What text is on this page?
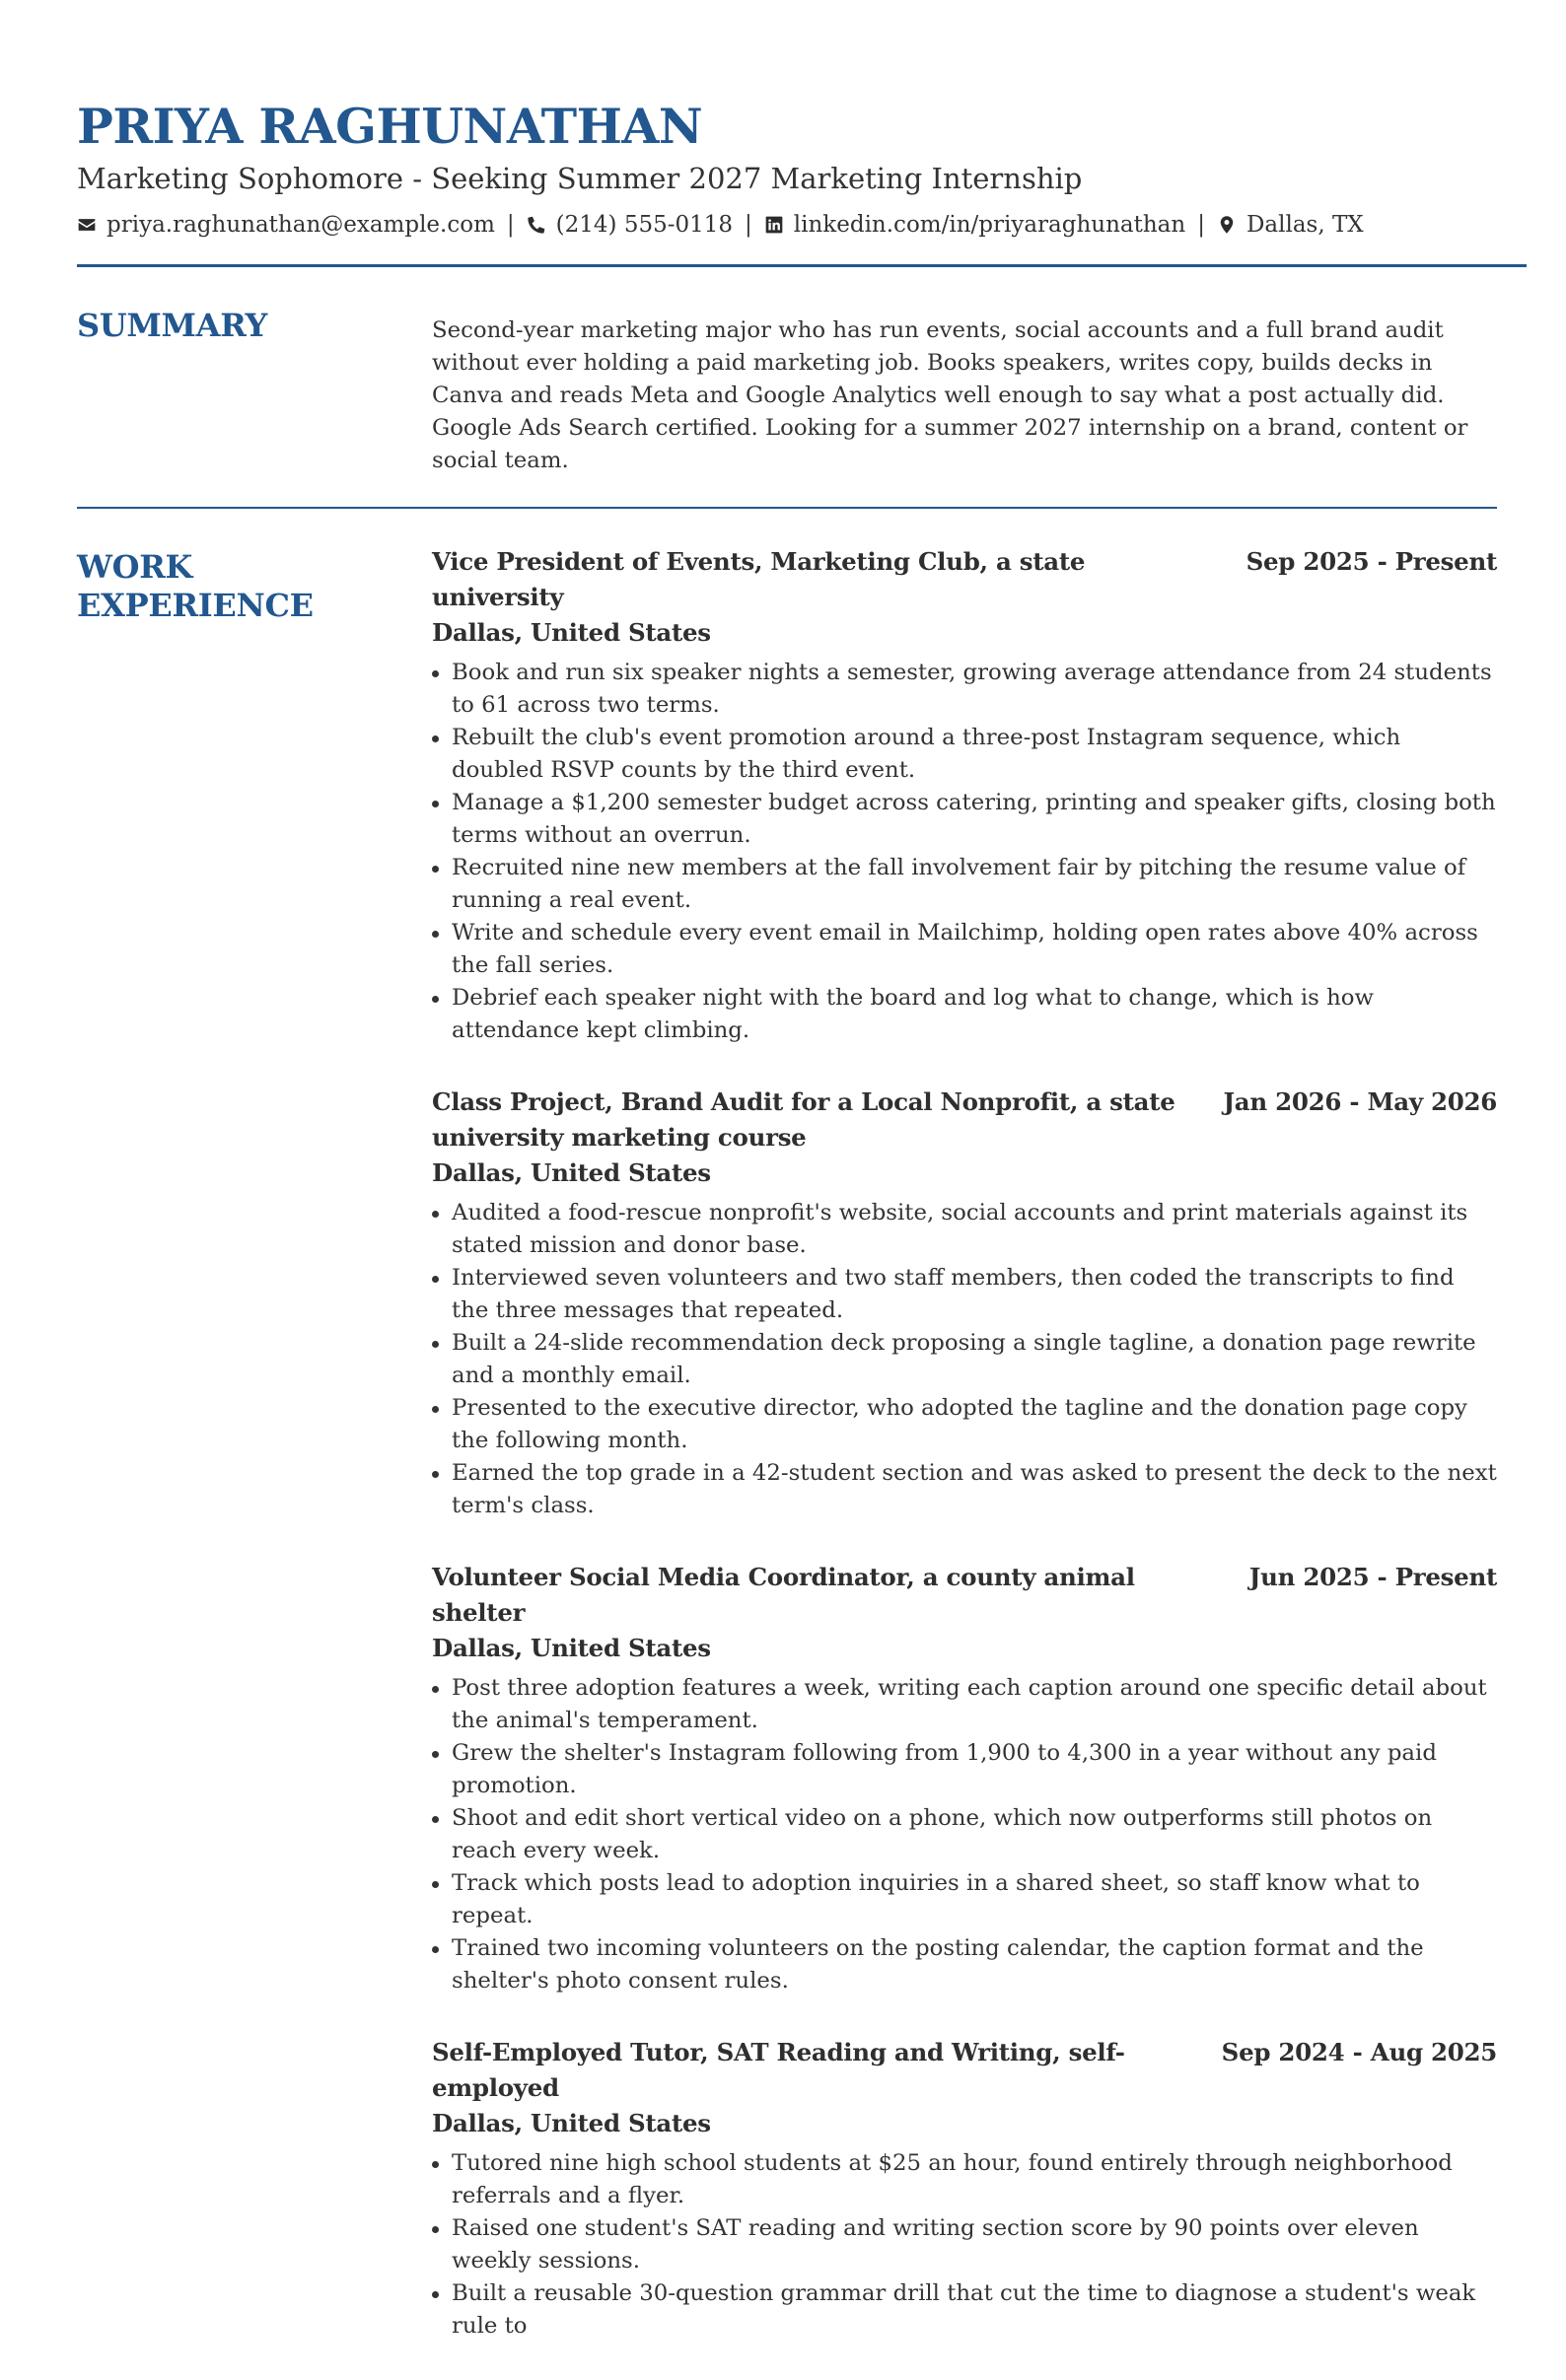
PRIYA RAGHUNATHAN
Marketing Sophomore - Seeking Summer 2027 Marketing Internship
priya.raghunathan@example.com | (214) 555-0118 | linkedin.com/in/priyaraghunathan | Dallas, TX
SUMMARY	Second-year marketing major who has run events, social accounts and a full brand audit without ever holding a paid marketing job. Books speakers, writes copy, builds decks in Canva and reads Meta and Google Analytics well enough to say what a post actually did. Google Ads Search certified. Looking for a summer 2027 internship on a brand, content or social team.

WORK EXPERIENCE
Vice President of Events, Marketing Club, a state university
Sep 2025 - Present
Dallas, United States
Book and run six speaker nights a semester, growing average attendance from 24 students to 61 across two terms.
Rebuilt the club's event promotion around a three-post Instagram sequence, which doubled RSVP counts by the third event.
Manage a $1,200 semester budget across catering, printing and speaker gifts, closing both terms without an overrun.
Recruited nine new members at the fall involvement fair by pitching the resume value of running a real event.
Write and schedule every event email in Mailchimp, holding open rates above 40% across the fall series.
Debrief each speaker night with the board and log what to change, which is how attendance kept climbing.
Class Project, Brand Audit for a Local Nonprofit, a state university marketing course
Jan 2026 - May 2026
Dallas, United States
Audited a food-rescue nonprofit's website, social accounts and print materials against its stated mission and donor base.
Interviewed seven volunteers and two staff members, then coded the transcripts to find the three messages that repeated.
Built a 24-slide recommendation deck proposing a single tagline, a donation page rewrite and a monthly email.
Presented to the executive director, who adopted the tagline and the donation page copy the following month.
Earned the top grade in a 42-student section and was asked to present the deck to the next term's class.
Volunteer Social Media Coordinator, a county animal shelter
Jun 2025 - Present
Dallas, United States
Post three adoption features a week, writing each caption around one specific detail about the animal's temperament.
Grew the shelter's Instagram following from 1,900 to 4,300 in a year without any paid promotion.
Shoot and edit short vertical video on a phone, which now outperforms still photos on reach every week.
Track which posts lead to adoption inquiries in a shared sheet, so staff know what to repeat.
Trained two incoming volunteers on the posting calendar, the caption format and the shelter's photo consent rules.
Self-Employed Tutor, SAT Reading and Writing, self-employed
Sep 2024 - Aug 2025
Dallas, United States
Tutored nine high school students at $25 an hour, found entirely through neighborhood referrals and a flyer.
Raised one student's SAT reading and writing section score by 90 points over eleven weekly sessions.
Built a reusable 30-question grammar drill that cut the time to diagnose a student's weak rule to
